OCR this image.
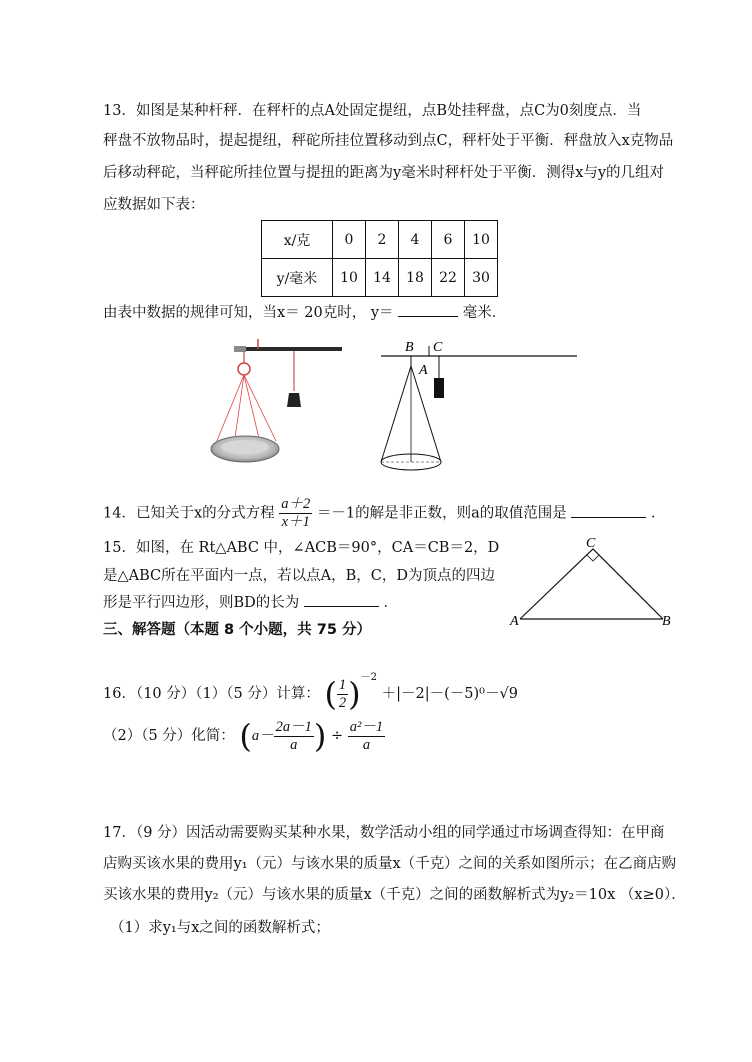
13．如图是某种杆秤．在秤杆的点A处固定提纽，点B处挂秤盘，点C为0刻度点．当
秤盘不放物品时，提起提纽，秤砣所挂位置移动到点C，秤杆处于平衡．秤盘放入x克物品
后移动秤砣，当秤砣所挂位置与提扭的距离为y毫米时秤杆处于平衡．测得x与y的几组对
应数据如下表：
x/克	0	2	4	6	10
y/毫米	10	14	18	22	30
由表中数据的规律可知，当x＝ 20克时， y＝	毫米．
B C
A
14．已知关于x的分式方程 $\frac{a+2}{x+1} =-1$的解是非正数，则a的取值范围是	．
15．如图，在 Rt△ABC 中，∠ACB＝90°，CA＝CB＝2，D
是△ABC所在平面内一点，若以点A，B，C，D为顶点的四边
形是平行四边形，则BD的长为	．
C
A	B
三、解答题（本题 8 个小题，共 75 分）
16．（10 分）（1）（5 分）计算： ( $\frac{1}{2} )^{-2} +|-2|-(-5)^0-√9$
（2）（5 分）化简： ($a- \frac{2a-1}{a}$ ) ÷ $\frac{\text{a²－1}}{a}$
17．（9 分）因活动需要购买某种水果，数学活动小组的同学通过市场调查得知：在甲商
店购买该水果的费用y₁（元）与该水果的质量x（千克）之间的关系如图所示；在乙商店购
买该水果的费用y₂（元）与该水果的质量x（千克）之间的函数解析式为y₂＝10x （x≥0）．
（1）求y₁与x之间的函数解析式；
